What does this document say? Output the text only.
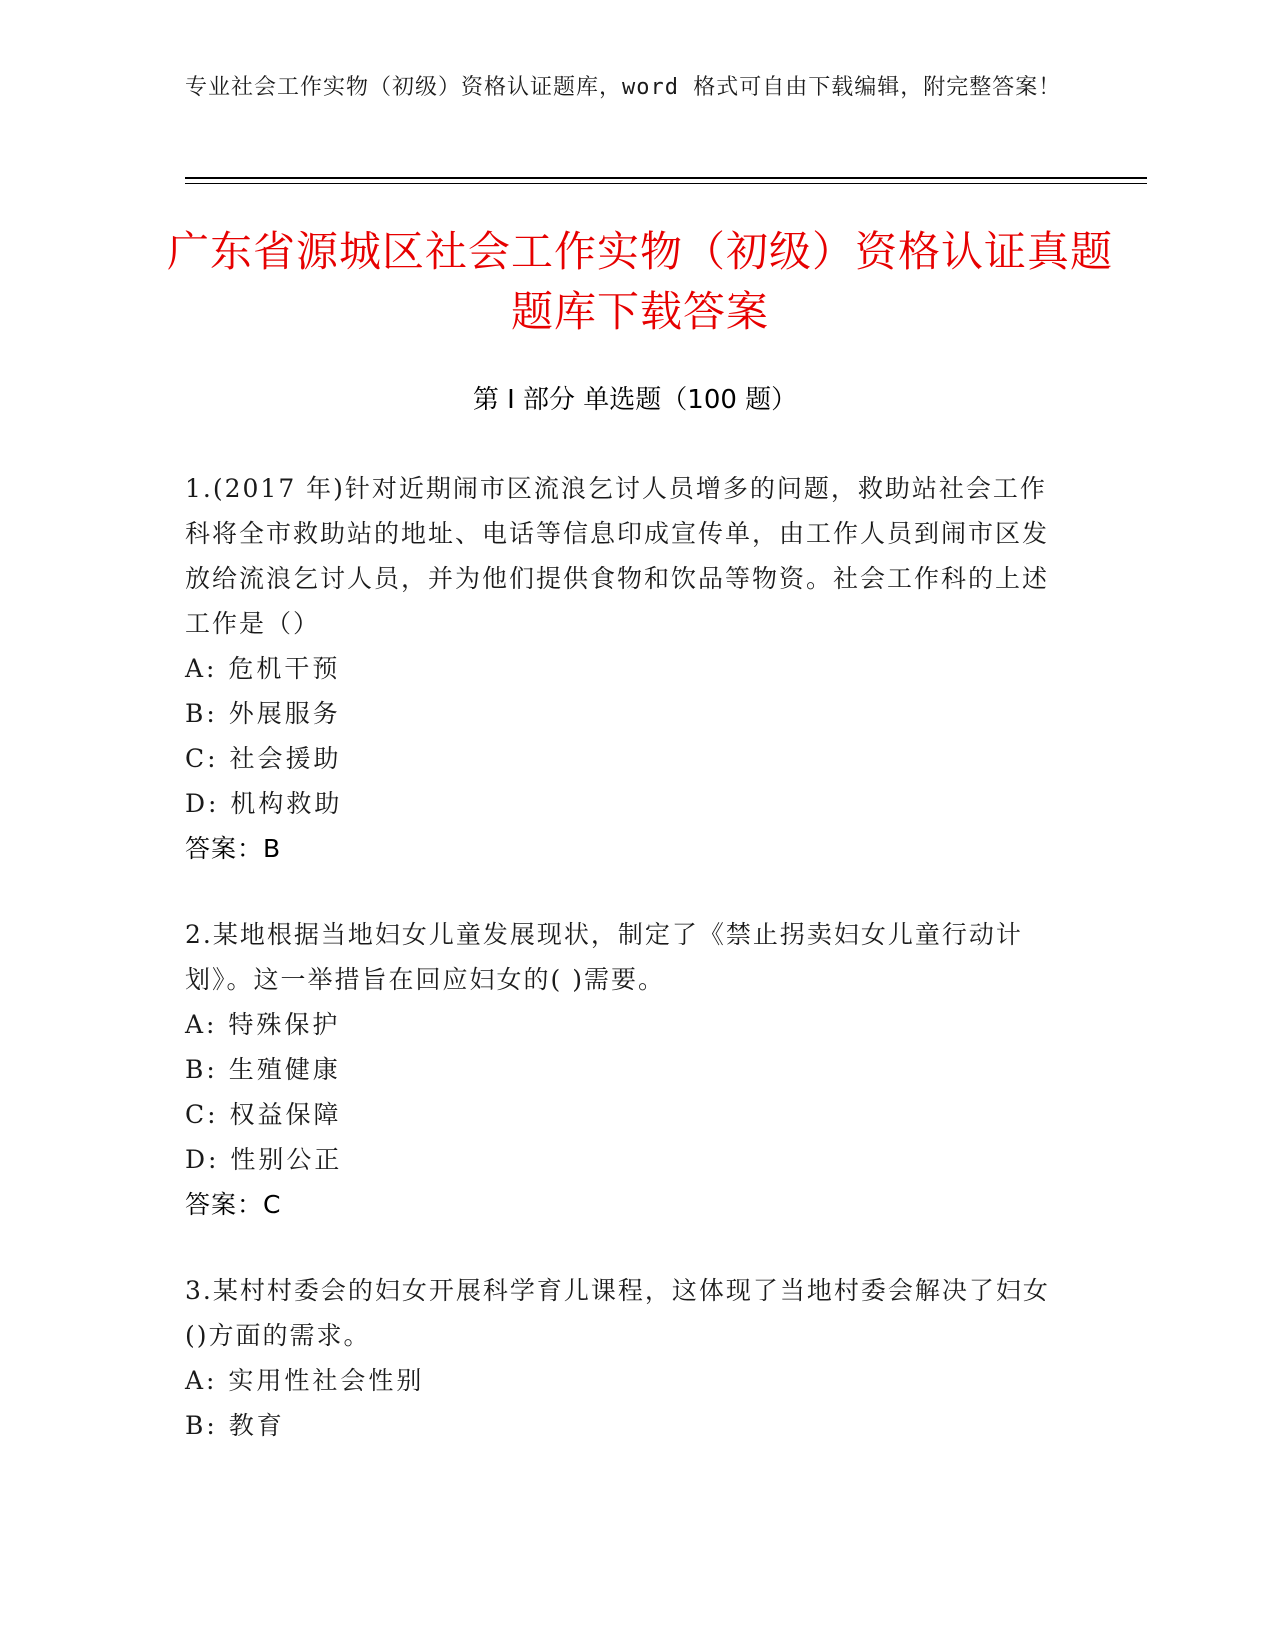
专业社会工作实物（初级）资格认证题库，word 格式可自由下载编辑，附完整答案！
广东省源城区社会工作实物（初级）资格认证真题题库下载答案
第 I 部分 单选题（100 题）

1.(2017 年)针对近期闹市区流浪乞讨人员增多的问题，救助站社会工作科将全市救助站的地址、电话等信息印成宣传单，由工作人员到闹市区发放给流浪乞讨人员，并为他们提供食物和饮品等物资。社会工作科的上述工作是（）

A: 危机干预

B: 外展服务

C: 社会援助

D: 机构救助

答案：B

2.某地根据当地妇女儿童发展现状，制定了《禁止拐卖妇女儿童行动计划》。这一举措旨在回应妇女的( )需要。

A: 特殊保护

B: 生殖健康

C: 权益保障

D: 性别公正

答案：C

3.某村村委会的妇女开展科学育儿课程，这体现了当地村委会解决了妇女()方面的需求。

A: 实用性社会性别

B: 教育
